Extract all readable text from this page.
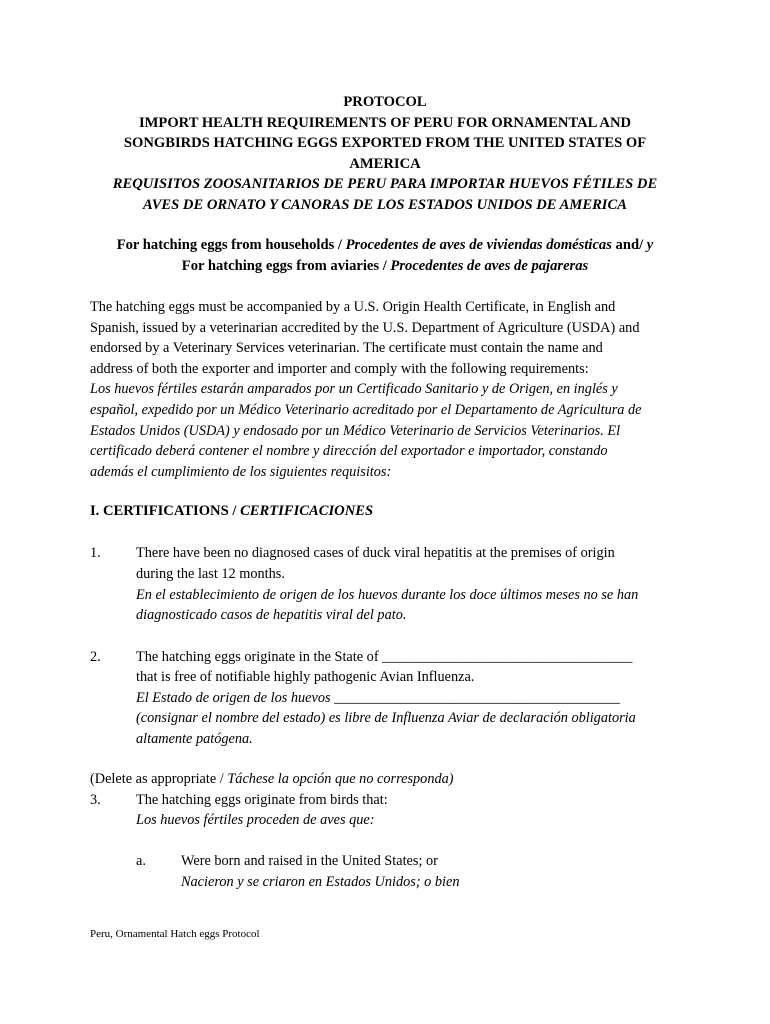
PROTOCOL
IMPORT HEALTH REQUIREMENTS OF PERU FOR ORNAMENTAL AND
SONGBIRDS HATCHING EGGS EXPORTED FROM THE UNITED STATES OF
AMERICA
REQUISITOS ZOOSANITARIOS DE PERU PARA IMPORTAR HUEVOS FÉTILES DE
AVES DE ORNATO Y CANORAS DE LOS ESTADOS UNIDOS DE AMERICA
For hatching eggs from households / Procedentes de aves de viviendas domésticas and/ y
For hatching eggs from aviaries / Procedentes de aves de pajareras
The hatching eggs must be accompanied by a U.S. Origin Health Certificate, in English and
Spanish, issued by a veterinarian accredited by the U.S. Department of Agriculture (USDA) and
endorsed by a Veterinary Services veterinarian. The certificate must contain the name and
address of both the exporter and importer and comply with the following requirements:
Los huevos fértiles estarán amparados por un Certificado Sanitario y de Origen, en inglés y
español, expedido por un Médico Veterinario acreditado por el Departamento de Agricultura de
Estados Unidos (USDA) y endosado por un Médico Veterinario de Servicios Veterinarios. El
certificado deberá contener el nombre y dirección del exportador e importador, constando
además el cumplimiento de los siguientes requisitos:
I. CERTIFICATIONS / CERTIFICACIONES
1. There have been no diagnosed cases of duck viral hepatitis at the premises of origin
during the last 12 months.
En el establecimiento de origen de los huevos durante los doce últimos meses no se han
diagnosticado casos de hepatitis viral del pato.
2. The hatching eggs originate in the State of ___________________________________
that is free of notifiable highly pathogenic Avian Influenza.
El Estado de origen de los huevos ________________________________________
(consignar el nombre del estado) es libre de Influenza Aviar de declaración obligatoria
altamente patógena.
(Delete as appropriate / Táchese la opción que no corresponda)
3. The hatching eggs originate from birds that:
Los huevos fértiles proceden de aves que:
a. Were born and raised in the United States; or
Nacieron y se criaron en Estados Unidos; o bien
Peru, Ornamental Hatch eggs Protocol
